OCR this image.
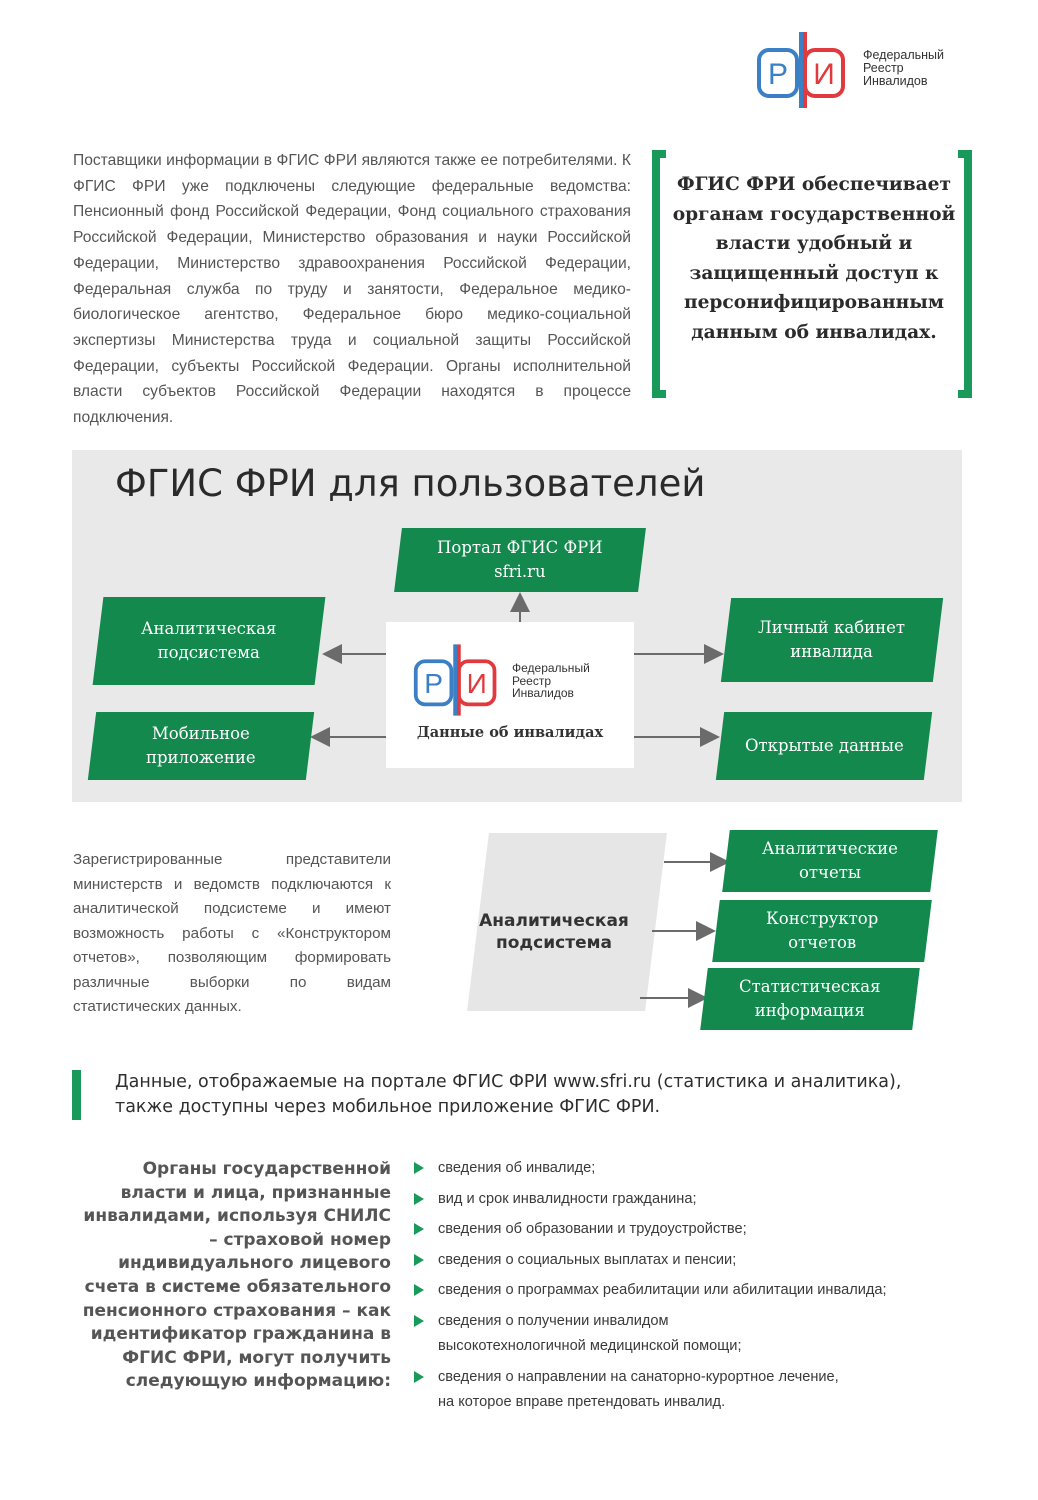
Р И
Федеральный
Реестр
Инвалидов
Поставщики информации в ФГИС ФРИ являются также ее потребителями. К ФГИС ФРИ уже подключены следующие федеральные ведомства: Пенсионный фонд Российской Федерации, Фонд социального страхования Российской Федерации, Министерство образования и науки Российской Федерации, Министерство здравоохранения Российской Федерации, Федеральная служба по труду и занятости, Федеральное медико-биологическое агентство, Федеральное бюро медико-социальной экспертизы Министерства труда и социальной защиты Российской Федерации, субъекты Российской Федерации. Органы исполнительной власти субъектов Российской Федерации находятся в процессе подключения.
ФГИС ФРИ обеспечивает органам государственной власти удобный и защищенный доступ к персонифицированным данным об инвалидах.
ФГИС ФРИ для пользователей
Портал ФГИС ФРИ
sfri.ru
Аналитическая
подсистема
Мобильное
приложение
Личный кабинет
инвалида
Открытые данные
Р И
Федеральный
Реестр
Инвалидов
Данные об инвалидах
Зарегистрированные представители министерств и ведомств подключаются к аналитической подсистеме и имеют возможность работы с «Конструктором отчетов», позволяющим формировать различные выборки по видам статистических данных.
Аналитическая
подсистема
Аналитические
отчеты
Конструктор
отчетов
Статистическая
информация
Данные, отображаемые на портале ФГИС ФРИ www.sfri.ru (статистика и аналитика), также доступны через мобильное приложение ФГИС ФРИ.
Органы государственной власти и лица, признанные инвалидами, используя СНИЛС – страховой номер индивидуального лицевого счета в системе обязательного пенсионного страхования – как идентификатор гражданина в ФГИС ФРИ, могут получить следующую информацию:
сведения об инвалиде;
вид и срок инвалидности гражданина;
сведения об образовании и трудоустройстве;
сведения о социальных выплатах и пенсии;
сведения о программах реабилитации или абилитации инвалида;
сведения о получении инвалидом
высокотехнологичной медицинской помощи;
сведения о направлении на санаторно-курортное лечение,
на которое вправе претендовать инвалид.
